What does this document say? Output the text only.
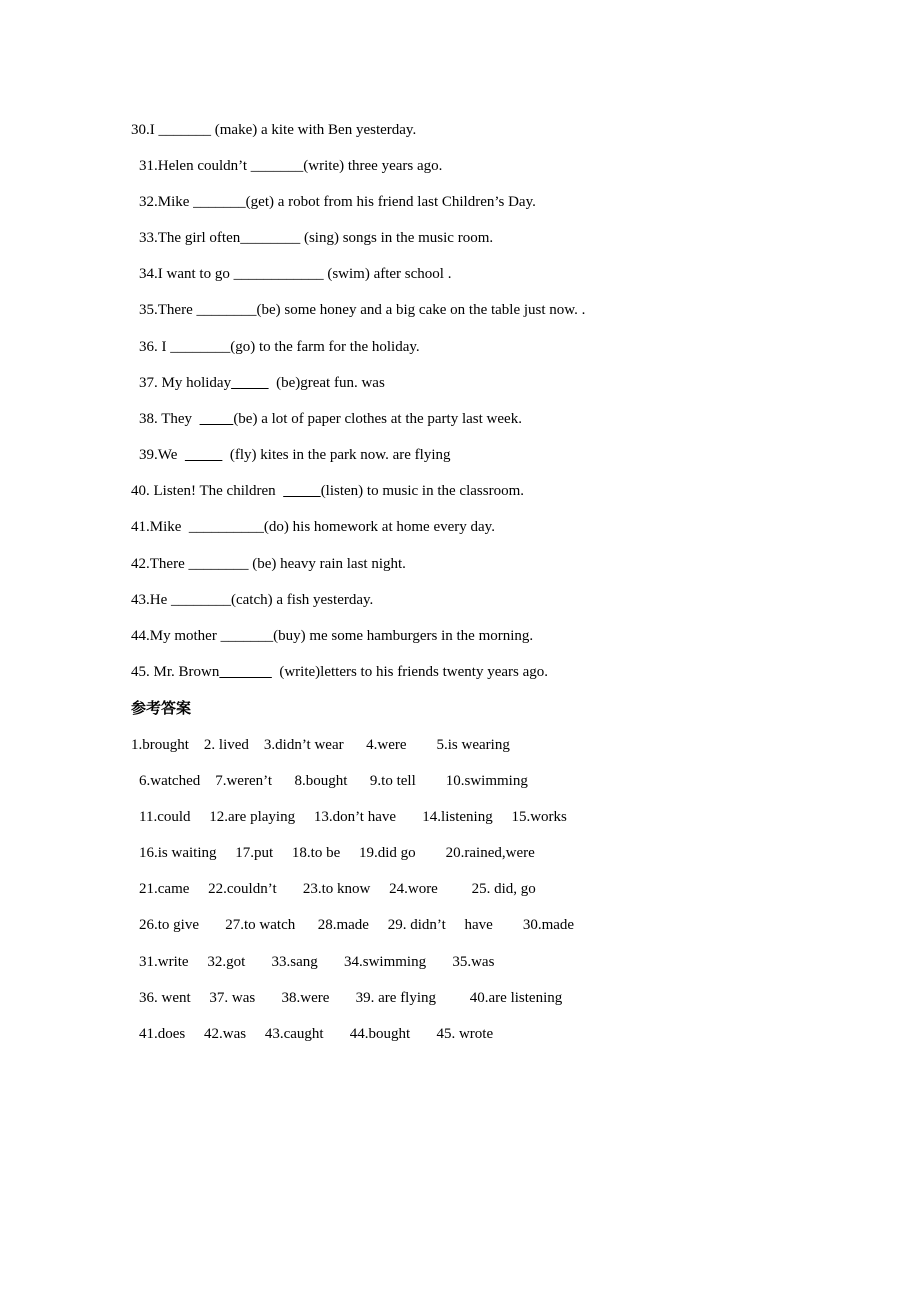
30.I _______ (make) a kite with Ben yesterday.
31.Helen couldn’t _______(write) three years ago.
32.Mike _______(get) a robot from his friend last Children’s Day.
33.The girl often________ (sing) songs in the music room.
34.I want to go ____________ (swim) after school .
35.There ________(be) some honey and a big cake on the table just now. .
36. I ________(go) to the farm for the holiday.
37. My holiday	(be)great fun. was
38. They           (be) a lot of paper clothes at the party last week.
39.We	(fly) kites in the park now. are flying
40. Listen! The children	(listen) to music in the classroom.
41.Mike  __________(do) his homework at home every day.
42.There ________ (be) heavy rain last night.
43.He ________(catch) a fish yesterday.
44.My mother _______(buy) me some hamburgers in the morning.
45. Mr. Brown	(write)letters to his friends twenty years ago.
参考答案
1.brought    2. lived    3.didn’t wear      4.were        5.is wearing
6.watched    7.weren’t      8.bought      9.to tell        10.swimming
11.could     12.are playing     13.don’t have       14.listening     15.works
16.is waiting     17.put     18.to be     19.did go        20.rained,were
21.came     22.couldn’t       23.to know     24.wore         25. did, go
26.to give       27.to watch      28.made     29. didn’t     have        30.made
31.write     32.got       33.sang       34.swimming       35.was
36. went     37. was       38.were       39. are flying         40.are listening
41.does     42.was     43.caught       44.bought       45. wrote
